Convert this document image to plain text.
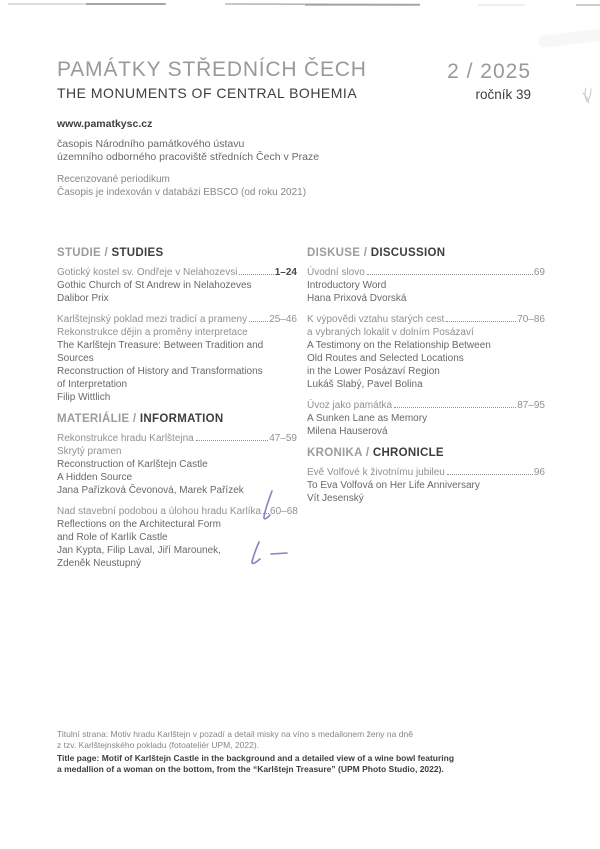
PAMÁTKY STŘEDNÍCH ČECH
THE MONUMENTS OF CENTRAL BOHEMIA
2 / 2025
ročník 39
www.pamatkysc.cz
časopis Národního památkového ústavu
územního odborného pracoviště středních Čech v Praze
Recenzované periodikum
Časopis je indexován v databázi EBSCO (od roku 2021)
STUDIE / STUDIES
Gotický kostel sv. Ondřeje v Nelahozevsi	1–24
Gothic Church of St Andrew in Nelahozeves
Dalibor Prix
Karlštejnský poklad mezi tradicí a prameny 25–46
Rekonstrukce dějin a proměny interpretace
The Karlštejn Treasure: Between Tradition and Sources
Reconstruction of History and Transformations
of Interpretation
Filip Wittlich
MATERIÁLIE / INFORMATION
Rekonstrukce hradu Karlštejna	47–59
Skrytý pramen
Reconstruction of Karlštejn Castle
A Hidden Source
Jana Pařízková Čevonová, Marek Pařízek
Nad stavební podobou a úlohou hradu Karlíka 60–68
Reflections on the Architectural Form
and Role of Karlík Castle
Jan Kypta, Filip Laval, Jiří Marounek,
Zdeněk Neustupný
DISKUSE / DISCUSSION
Úvodní slovo	69
Introductory Word
Hana Prixová Dvorská
K výpovědi vztahu starých cest	70–86
a vybraných lokalit v dolním Posázaví
A Testimony on the Relationship Between
Old Routes and Selected Locations
in the Lower Posázaví Region
Lukáš Slabý, Pavel Bolina
Úvoz jako památka	87–95
A Sunken Lane as Memory
Milena Hauserová
KRONIKA / CHRONICLE
Evě Volfové k životnímu jubileu	96
To Eva Volfová on Her Life Anniversary
Vít Jesenský
Titulní strana: Motiv hradu Karlštejn v pozadí a detail misky na víno s medailonem ženy na dně
z tzv. Karlštejnského pokladu (fotoateliér UPM, 2022).
Title page: Motif of Karlštejn Castle in the background and a detailed view of a wine bowl featuring
a medallion of a woman on the bottom, from the “Karlštejn Treasure” (UPM Photo Studio, 2022).
